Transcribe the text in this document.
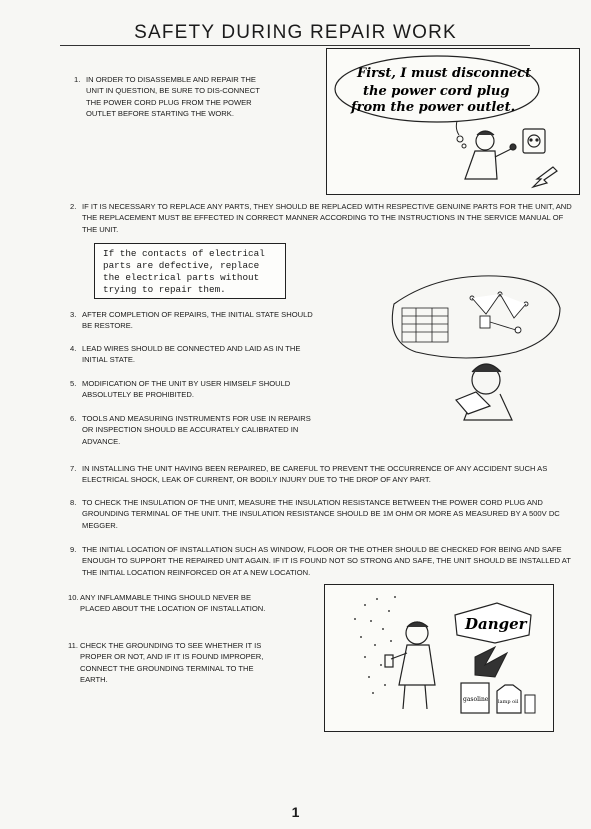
SAFETY DURING REPAIR WORK
1. IN ORDER TO DISASSEMBLE AND REPAIR THE UNIT IN QUESTION, BE SURE TO DIS-CONNECT THE POWER CORD PLUG FROM THE POWER OUTLET BEFORE STARTING THE WORK.
First, I must disconnect
the power cord plug
from the power outlet.
2. IF IT IS NECESSARY TO REPLACE ANY PARTS, THEY SHOULD BE REPLACED WITH RESPECTIVE GENUINE PARTS FOR THE UNIT, AND THE REPLACEMENT MUST BE EFFECTED IN CORRECT MANNER ACCORDING TO THE INSTRUCTIONS IN THE SERVICE MANUAL OF THE UNIT.
If the contacts of electrical
parts are defective, replace
the electrical parts without
trying to repair them.
3. AFTER COMPLETION OF REPAIRS, THE INITIAL STATE SHOULD BE RESTORE.
4. LEAD WIRES SHOULD BE CONNECTED AND LAID AS IN THE INITIAL STATE.
5. MODIFICATION OF THE UNIT BY USER HIMSELF SHOULD ABSOLUTELY BE PROHIBITED.
6. TOOLS AND MEASURING INSTRUMENTS FOR USE IN REPAIRS OR INSPECTION SHOULD BE ACCURATELY CALIBRATED IN ADVANCE.
7. IN INSTALLING THE UNIT HAVING BEEN REPAIRED, BE CAREFUL TO PREVENT THE OCCURRENCE OF ANY ACCIDENT SUCH AS ELECTRICAL SHOCK, LEAK OF CURRENT, OR BODILY INJURY DUE TO THE DROP OF ANY PART.
8. TO CHECK THE INSULATION OF THE UNIT, MEASURE THE INSULATION RESISTANCE BETWEEN THE POWER CORD PLUG AND GROUNDING TERMINAL OF THE UNIT. THE INSULATION RESISTANCE SHOULD BE 1M OHM OR MORE AS MEASURED BY A 500V DC MEGGER.
9. THE INITIAL LOCATION OF INSTALLATION SUCH AS WINDOW, FLOOR OR THE OTHER SHOULD BE CHECKED FOR BEING AND SAFE ENOUGH TO SUPPORT THE REPAIRED UNIT AGAIN. IF IT IS FOUND NOT SO STRONG AND SAFE, THE UNIT SHOULD BE INSTALLED AT THE INITIAL LOCATION REINFORCED OR AT A NEW LOCATION.
10. ANY INFLAMMABLE THING SHOULD NEVER BE PLACED ABOUT THE LOCATION OF INSTALLATION.
11. CHECK THE GROUNDING TO SEE WHETHER IT IS PROPER OR NOT, AND IF IT IS FOUND IMPROPER, CONNECT THE GROUNDING TERMINAL TO THE EARTH.
Danger
gasoline lamp oil
1
